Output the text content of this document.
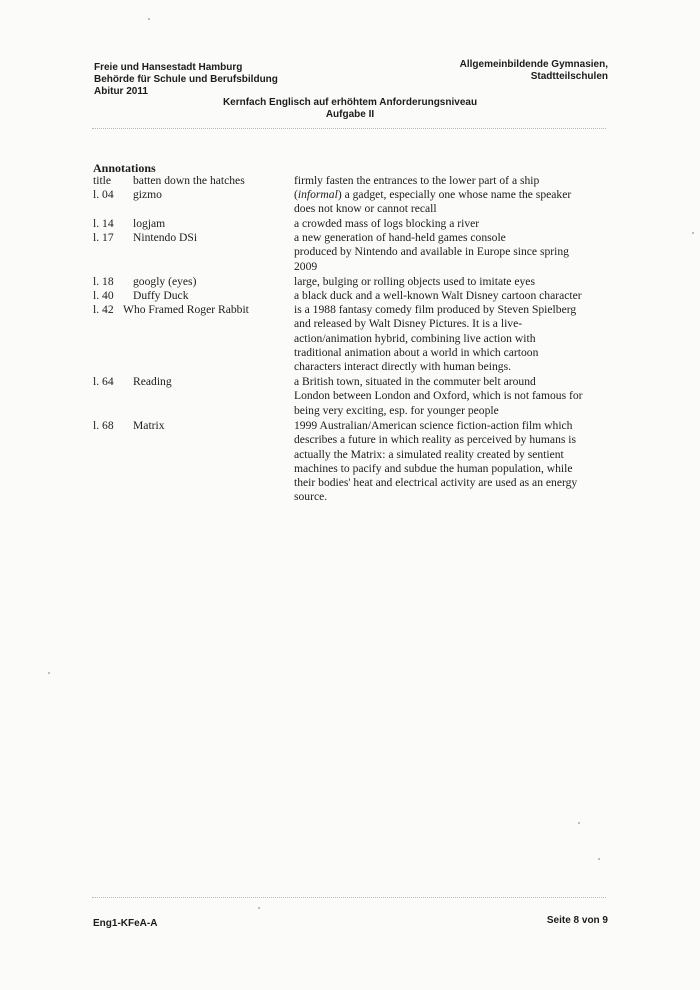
Freie und Hansestadt Hamburg
Behörde für Schule und Berufsbildung
Abitur 2011
Allgemeinbildende Gymnasien,
Stadtteilschulen
Kernfach Englisch auf erhöhtem Anforderungsniveau
Aufgabe II
Annotations
title batten down the hatches	firmly fasten the entrances to the lower part of a ship
l. 04 gizmo	(informal) a gadget, especially one whose name the speaker
does not know or cannot recall
l. 14 logjam	a crowded mass of logs blocking a river
l. 17 Nintendo DSi	a new generation of hand-held games console
produced by Nintendo and available in Europe since spring
2009
l. 18 googly (eyes)	large, bulging or rolling objects used to imitate eyes
l. 40 Duffy Duck	a black duck and a well-known Walt Disney cartoon character
l. 42 Who Framed Roger Rabbit	is a 1988 fantasy comedy film produced by Steven Spielberg
and released by Walt Disney Pictures. It is a live-
action/animation hybrid, combining live action with
traditional animation about a world in which cartoon
characters interact directly with human beings.
l. 64 Reading	a British town, situated in the commuter belt around
London between London and Oxford, which is not famous for
being very exciting, esp. for younger people
l. 68 Matrix	1999 Australian/American science fiction-action film which
describes a future in which reality as perceived by humans is
actually the Matrix: a simulated reality created by sentient
machines to pacify and subdue the human population, while
their bodies' heat and electrical activity are used as an energy
source.
Eng1-KFeA-A	Seite 8 von 9
